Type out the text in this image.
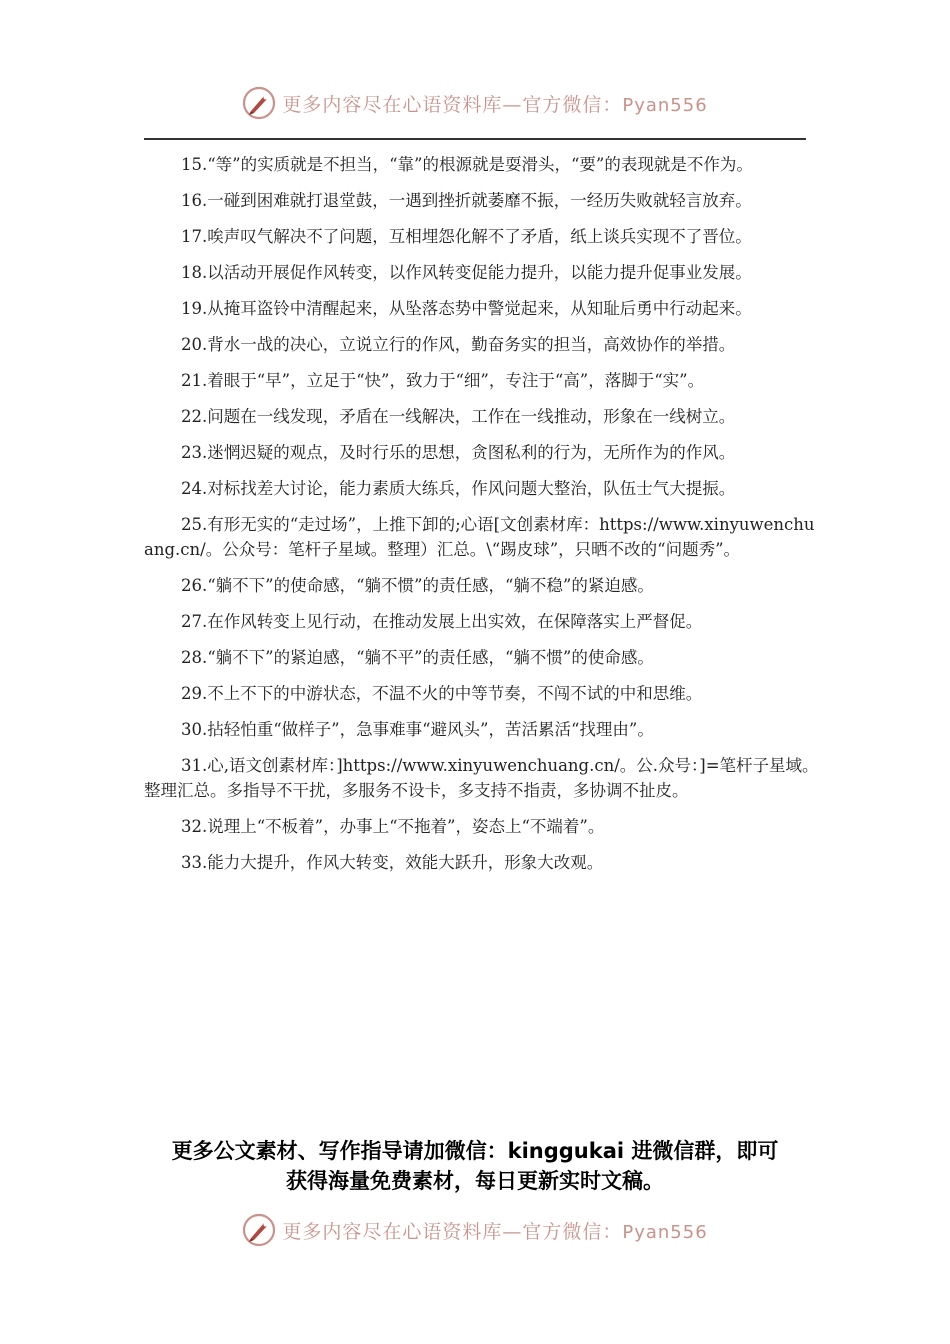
更多内容尽在心语资料库—官方微信：Pyan556

15.“等”的实质就是不担当，“靠”的根源就是耍滑头，“要”的表现就是不作为。

16.一碰到困难就打退堂鼓，一遇到挫折就萎靡不振，一经历失败就轻言放弃。

17.唉声叹气解决不了问题，互相埋怨化解不了矛盾，纸上谈兵实现不了晋位。

18.以活动开展促作风转变，以作风转变促能力提升，以能力提升促事业发展。

19.从掩耳盗铃中清醒起来，从坠落态势中警觉起来，从知耻后勇中行动起来。

20.背水一战的决心，立说立行的作风，勤奋务实的担当，高效协作的举措。

21.着眼于“早”，立足于“快”，致力于“细”，专注于“高”，落脚于“实”。

22.问题在一线发现，矛盾在一线解决，工作在一线推动，形象在一线树立。

23.迷惘迟疑的观点，及时行乐的思想，贪图私利的行为，无所作为的作风。

24.对标找差大讨论，能力素质大练兵，作风问题大整治，队伍士气大提振。

25.有形无实的“走过场”，上推下卸的;心语[文创素材库：https://www.xinyuwenchuang.cn/。公众号：笔杆子星域。整理）汇总。\“踢皮球”，只晒不改的“问题秀”。

26.“躺不下”的使命感，“躺不惯”的责任感，“躺不稳”的紧迫感。

27.在作风转变上见行动，在推动发展上出实效，在保障落实上严督促。

28.“躺不下”的紧迫感，“躺不平”的责任感，“躺不惯”的使命感。

29.不上不下的中游状态，不温不火的中等节奏，不闯不试的中和思维。

30.拈轻怕重“做样子”，急事难事“避风头”，苦活累活“找理由”。

31.心,语文创素材库：]https://www.xinyuwenchuang.cn/。公.众号：]=笔杆子星域。整理汇总。多指导不干扰，多服务不设卡，多支持不指责，多协调不扯皮。

32.说理上“不板着”，办事上“不拖着”，姿态上“不端着”。

33.能力大提升，作风大转变，效能大跃升，形象大改观。

更多公文素材、写作指导请加微信：kinggukai 进微信群，即可
获得海量免费素材，每日更新实时文稿。
更多内容尽在心语资料库—官方微信：Pyan556
